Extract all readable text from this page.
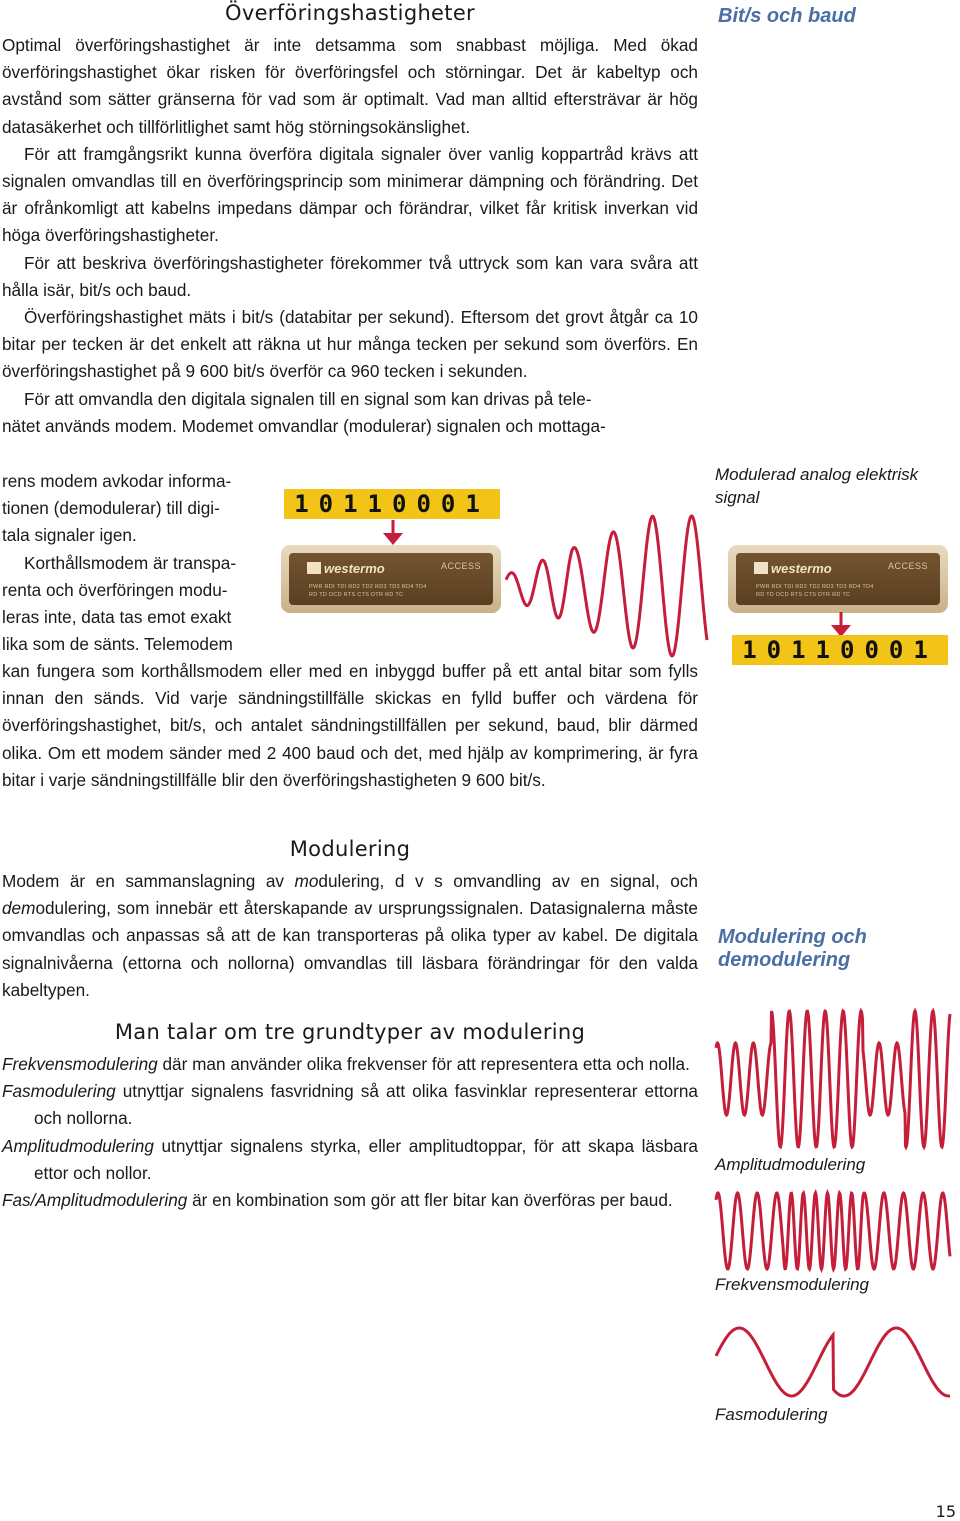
Överföringshastigheter	Bit/s och baud

Optimal överföringshastighet är inte detsamma som snabbast möjliga. Med ökad överföringshastighet ökar risken för överföringsfel och störningar. Det är kabeltyp och avstånd som sätter gränserna för vad som är optimalt. Vad man alltid eftersträvar är hög datasäkerhet och tillförlitlighet samt hög störningsokänslighet.

För att framgångsrikt kunna överföra digitala signaler över vanlig koppartråd krävs att signalen omvandlas till en överföringsprincip som minimerar dämpning och förändring. Det är ofrånkomligt att kabelns impedans dämpar och förändrar, vilket får kritisk inverkan vid höga överföringshastigheter.

För att beskriva överföringshastigheter förekommer två uttryck som kan vara svåra att hålla isär, bit/s och baud.

Överföringshastighet mäts i bit/s (databitar per sekund). Eftersom det grovt åtgår ca 10 bitar per tecken är det enkelt att räkna ut hur många tecken per sekund som överförs. En överföringshastighet på 9 600 bit/s överför ca 960 tecken i sekunden.

För att omvandla den digitala signalen till en signal som kan drivas på tele-

nätet används modem. Modemet omvandlar (modulerar) signalen och mottaga-

rens modem avkodar informa-

tionen (demodulerar) till digi-

tala signaler igen.

Korthållsmodem är transpa-

renta och överföringen modu-

leras inte, data tas emot exakt

lika som de sänts. Telemodem

kan fungera som korthållsmodem eller med en inbyggd buffer på ett antal bitar som fylls innan den sänds. Vid varje sändningstillfälle skickas en fylld buffer och värdena för överföringshastighet, bit/s, och antalet sändningstillfällen per sekund, baud, blir därmed olika. Om ett modem sänder med 2 400 baud och det, med hjälp av komprimering, är fyra bitar i varje sändningstillfälle blir den överföringshastigheten 9 600 bit/s.
10110001
westermo	ACCESS
PWR RDI TDI RD2 TD2 RD3 TD3 RD4 TD4
RD TD DCD RTS CTS DTR RD TC
Modulerad analog elektrisk signal
westermo	ACCESS
PWR RDI TDI RD2 TD2 RD3 TD3 RD4 TD4
RD TD DCD RTS CTS DTR RD TC
10110001
Modulering
Modem är en sammanslagning av modulering, d v s omvandling av en signal, och demodulering, som innebär ett återskapande av ursprungssignalen. Datasignalerna måste omvandlas och anpassas så att de kan transporteras på olika typer av kabel. De digitala signalnivåerna (ettorna och nollorna) omvandlas till läsbara förändringar för den valda kabeltypen.
Modulering och demodulering
Man talar om tre grundtyper av modulering

Frekvensmodulering där man använder olika frekvenser för att representera etta och nolla.

Fasmodulering utnyttjar signalens fasvridning så att olika fasvinklar representerar ettorna och nollorna.

Amplitudmodulering utnyttjar signalens styrka, eller amplitudtoppar, för att skapa läsbara ettor och nollor.

Fas/Amplitudmodulering är en kombination som gör att fler bitar kan överföras per baud.

Amplitudmodulering
Frekvensmodulering
Fasmodulering
15
